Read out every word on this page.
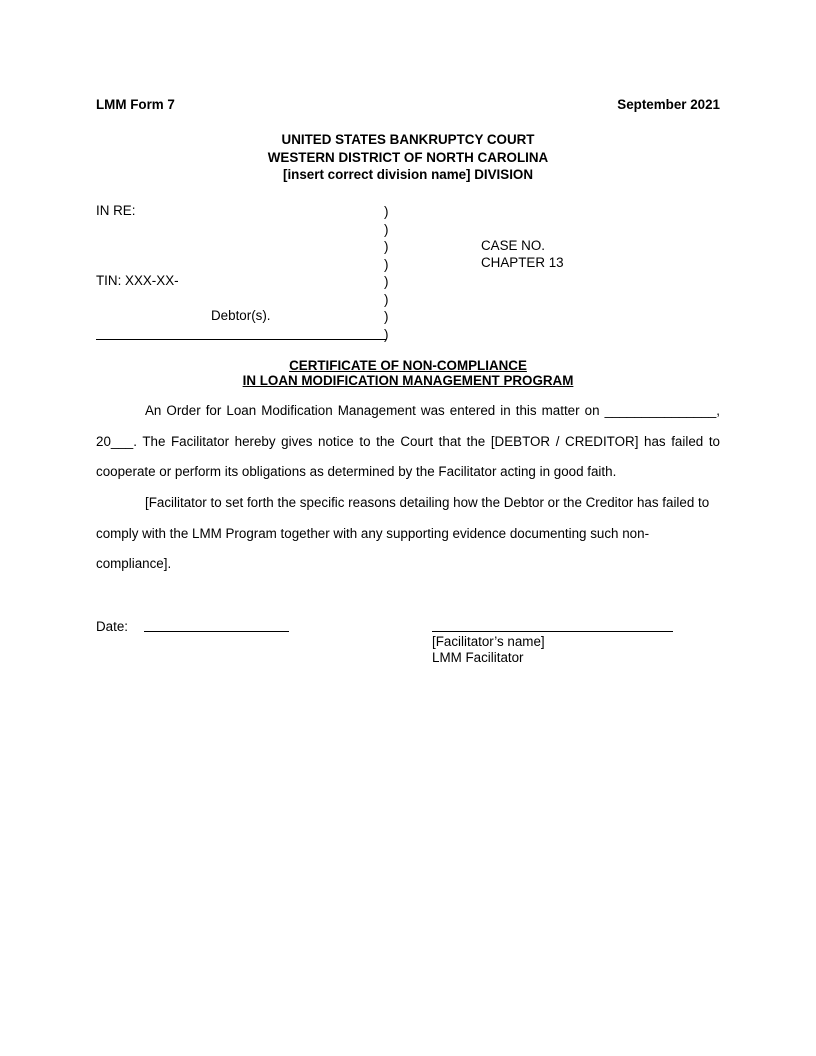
LMM Form 7	September 2021
UNITED STATES BANKRUPTCY COURT
WESTERN DISTRICT OF NORTH CAROLINA
[insert correct division name] DIVISION
IN RE:
TIN: XXX-XX-
Debtor(s).
)
)
)
)
)
)
)
)
CASE NO.
CHAPTER 13
CERTIFICATE OF NON-COMPLIANCE
IN LOAN MODIFICATION MANAGEMENT PROGRAM
An Order for Loan Modification Management was entered in this matter on _______________,
20___. The Facilitator hereby gives notice to the Court that the [DEBTOR / CREDITOR] has failed to
cooperate or perform its obligations as determined by the Facilitator acting in good faith.
[Facilitator to set forth the specific reasons detailing how the Debtor or the Creditor has failed to
comply with the LMM Program together with any supporting evidence documenting such non-
compliance].
Date:
[Facilitator’s name]
LMM Facilitator
